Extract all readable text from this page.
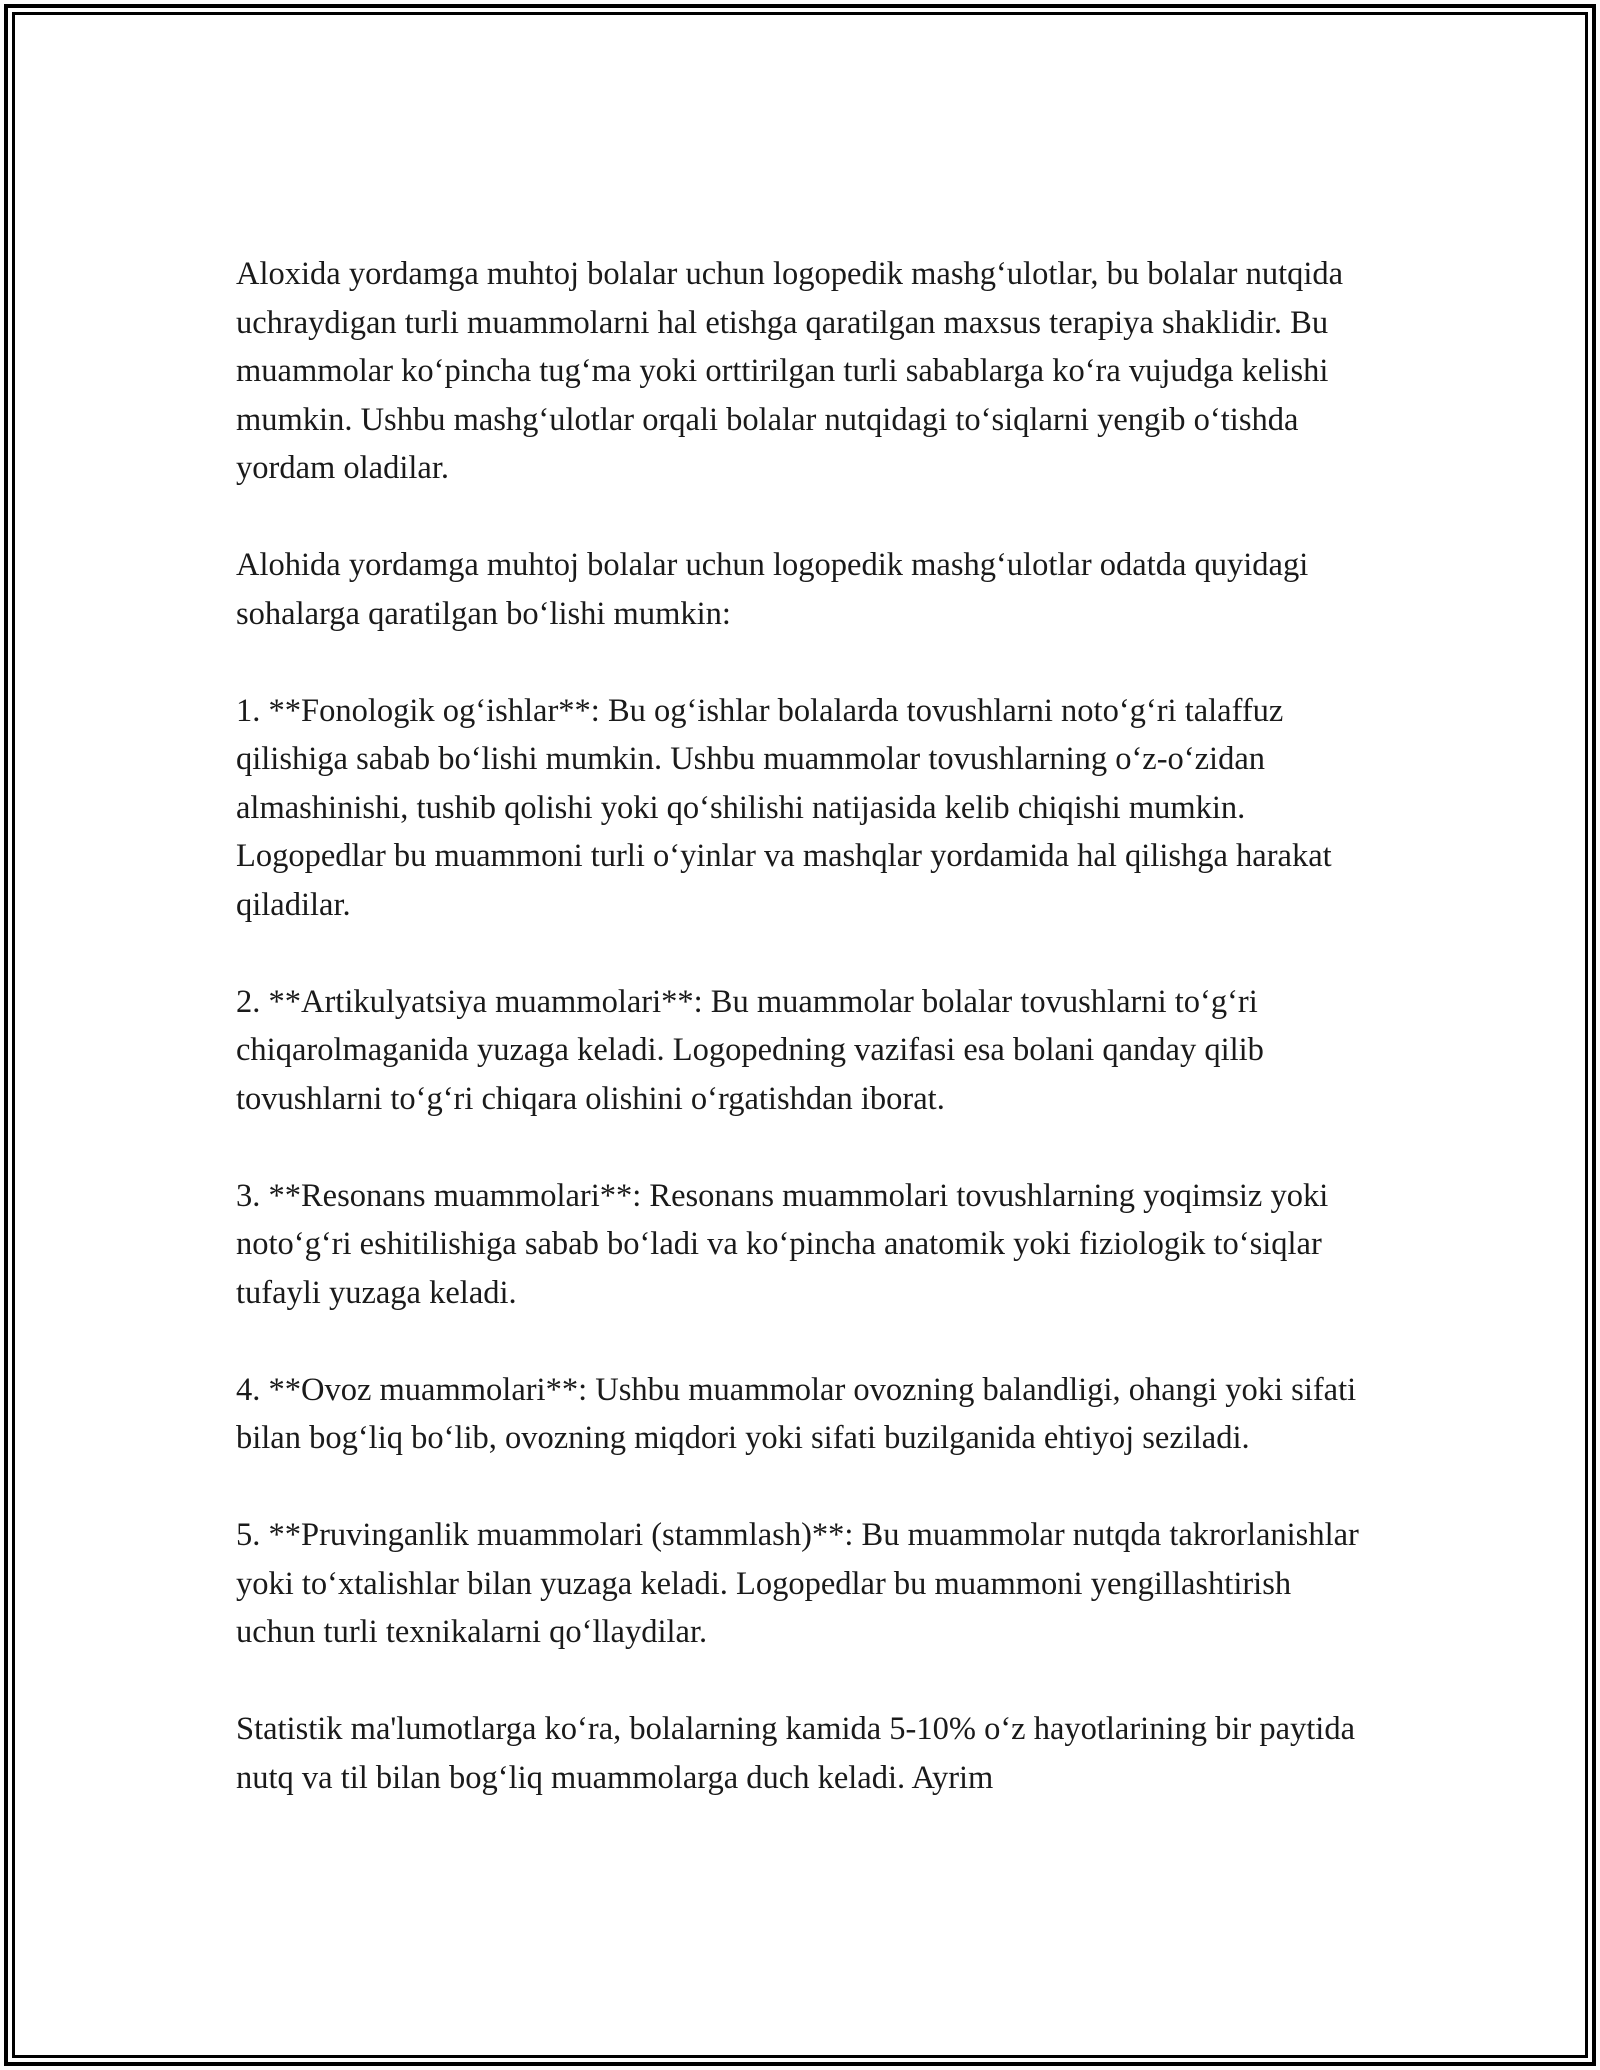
Aloxida yordamga muhtoj bolalar uchun logopedik mashg‘ulotlar, bu bolalar nutqida uchraydigan turli muammolarni hal etishga qaratilgan maxsus terapiya shaklidir. Bu muammolar ko‘pincha tug‘ma yoki orttirilgan turli sabablarga ko‘ra vujudga kelishi mumkin. Ushbu mashg‘ulotlar orqali bolalar nutqidagi to‘siqlarni yengib o‘tishda yordam oladilar.

Alohida yordamga muhtoj bolalar uchun logopedik mashg‘ulotlar odatda quyidagi sohalarga qaratilgan bo‘lishi mumkin:

1. **Fonologik og‘ishlar**: Bu og‘ishlar bolalarda tovushlarni noto‘g‘ri talaffuz qilishiga sabab bo‘lishi mumkin. Ushbu muammolar tovushlarning o‘z-o‘zidan almashinishi, tushib qolishi yoki qo‘shilishi natijasida kelib chiqishi mumkin. Logopedlar bu muammoni turli o‘yinlar va mashqlar yordamida hal qilishga harakat qiladilar.

2. **Artikulyatsiya muammolari**: Bu muammolar bolalar tovushlarni to‘g‘ri chiqarolmaganida yuzaga keladi. Logopedning vazifasi esa bolani qanday qilib tovushlarni to‘g‘ri chiqara olishini o‘rgatishdan iborat.

3. **Resonans muammolari**: Resonans muammolari tovushlarning yoqimsiz yoki noto‘g‘ri eshitilishiga sabab bo‘ladi va ko‘pincha anatomik yoki fiziologik to‘siqlar tufayli yuzaga keladi.

4. **Ovoz muammolari**: Ushbu muammolar ovozning balandligi, ohangi yoki sifati bilan bog‘liq bo‘lib, ovozning miqdori yoki sifati buzilganida ehtiyoj seziladi.

5. **Pruvinganlik muammolari (stammlash)**: Bu muammolar nutqda takrorlanishlar yoki to‘xtalishlar bilan yuzaga keladi. Logopedlar bu muammoni yengillashtirish uchun turli texnikalarni qo‘llaydilar.

Statistik ma'lumotlarga ko‘ra, bolalarning kamida 5-10% o‘z hayotlarining bir paytida nutq va til bilan bog‘liq muammolarga duch keladi. Ayrim
